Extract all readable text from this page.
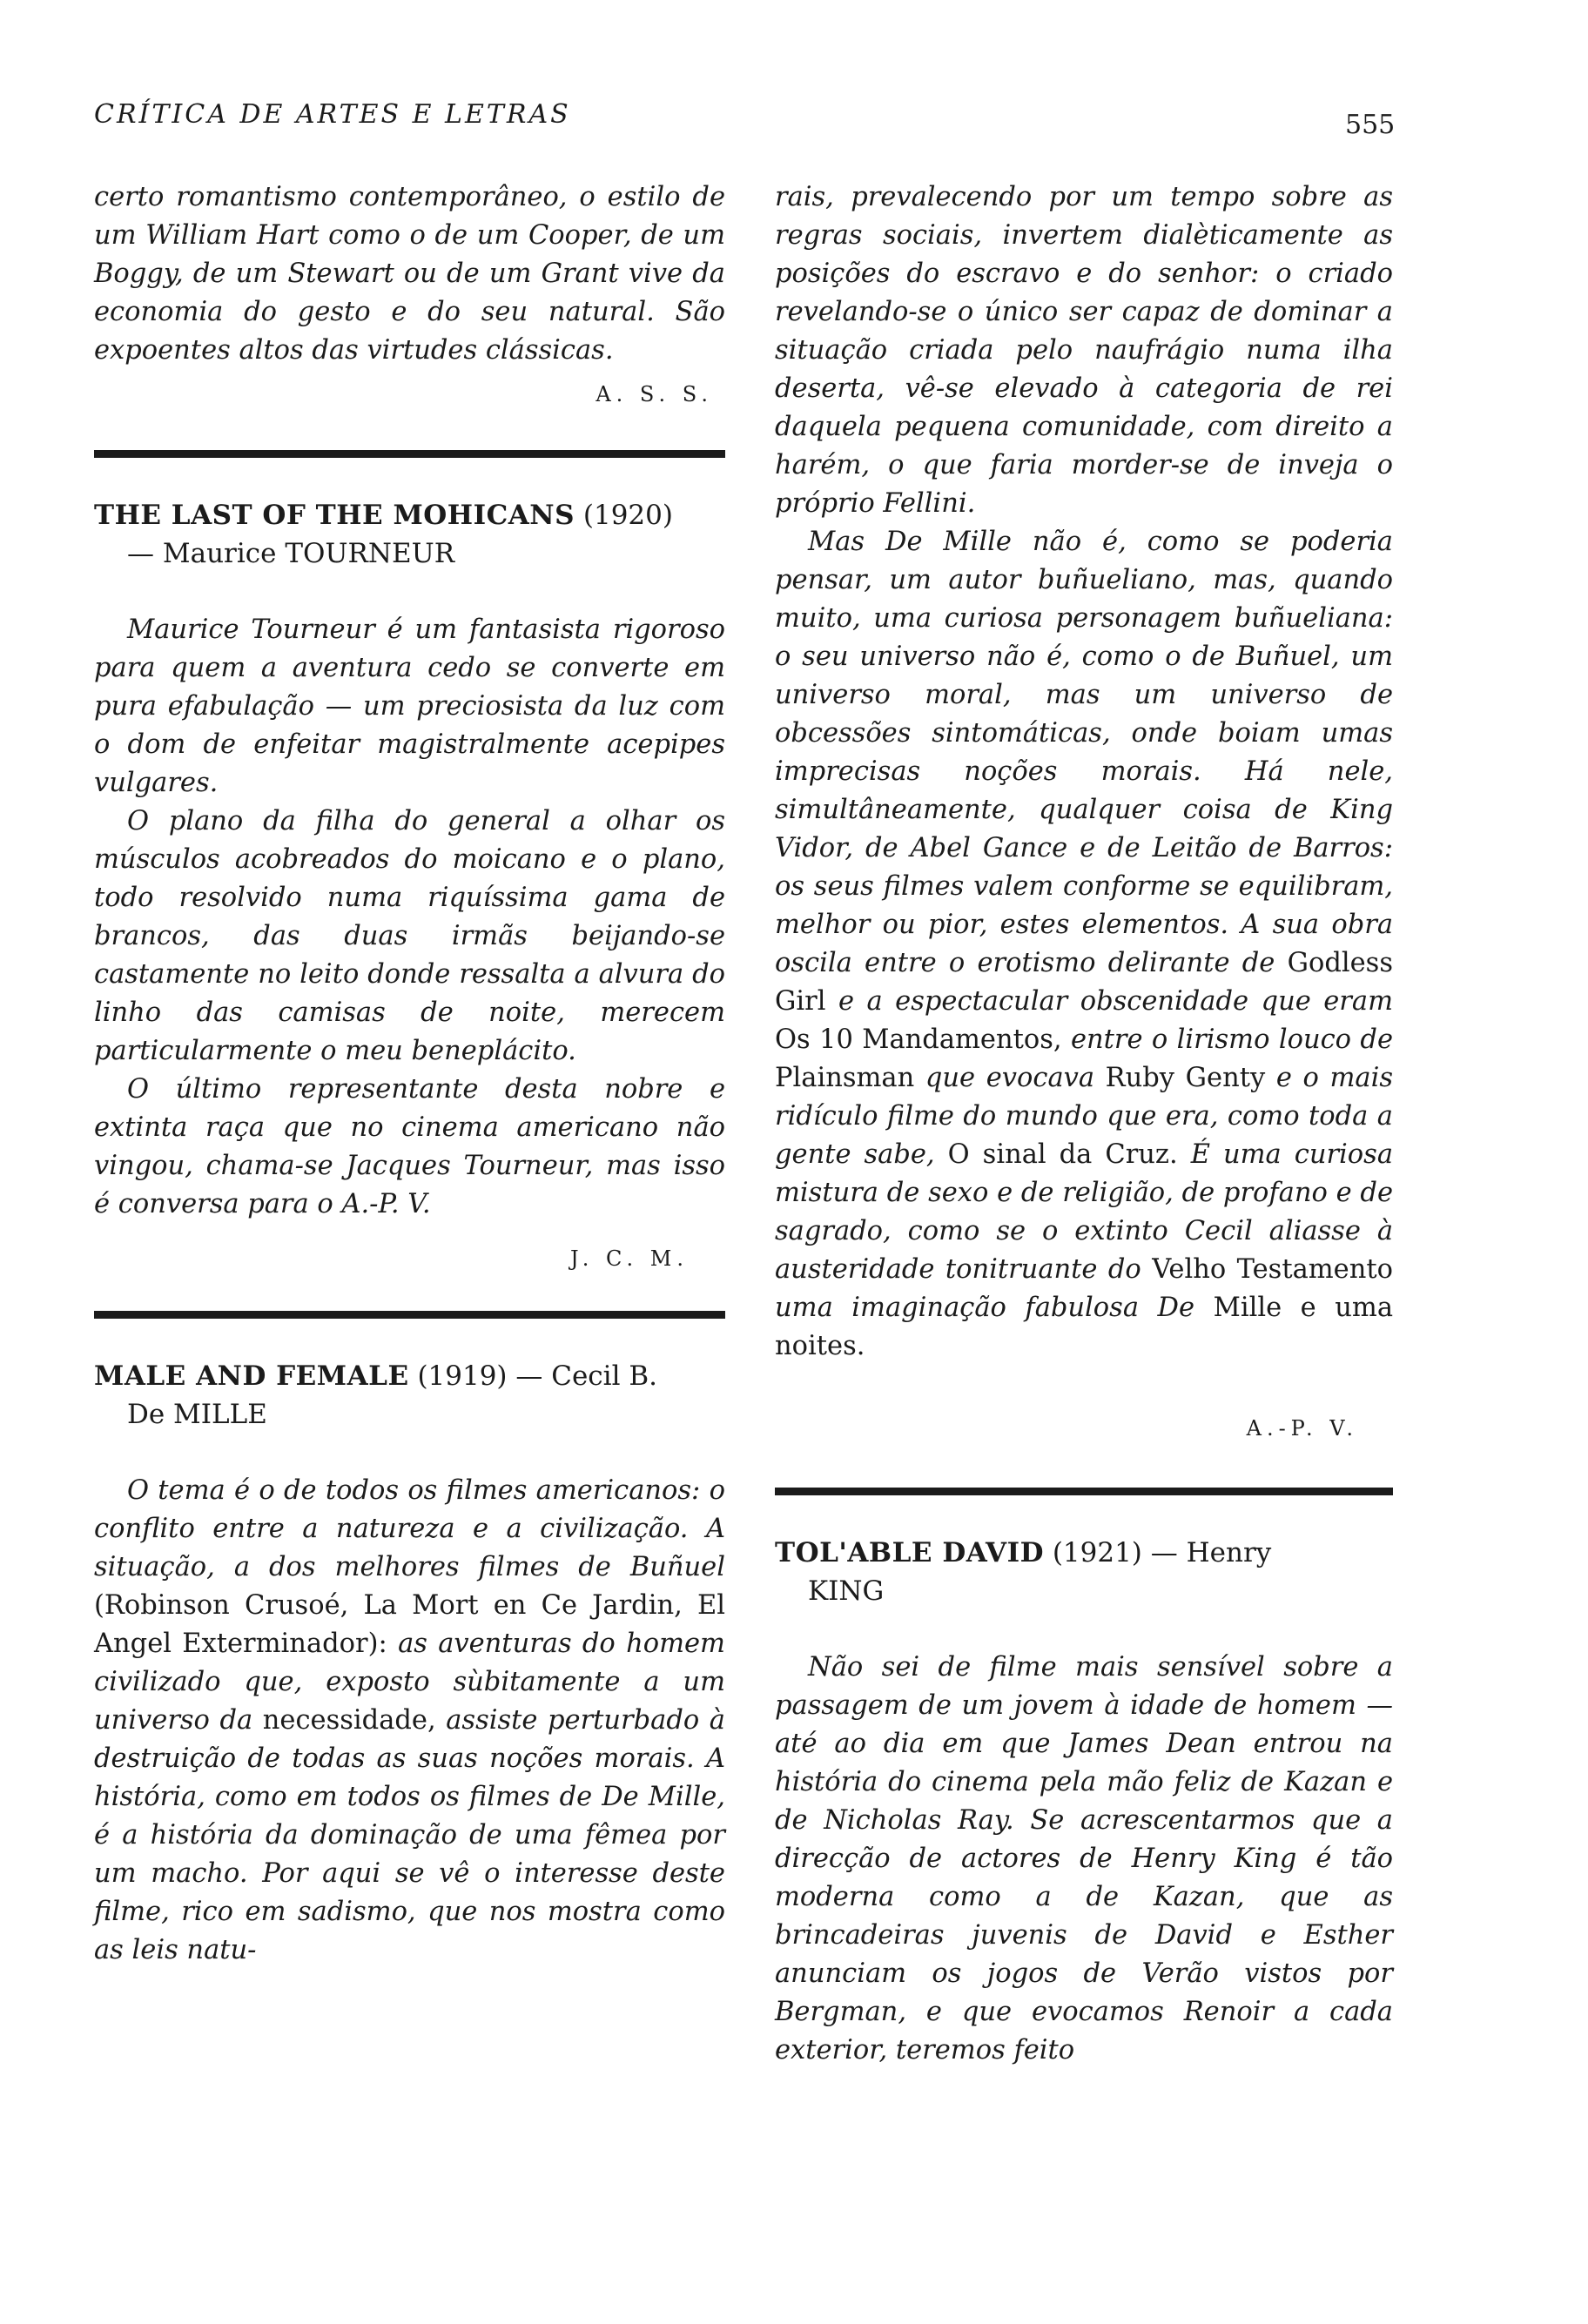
CRÍTICA DE ARTES E LETRAS	555

certo romantismo contemporâneo, o estilo de um William Hart como o de um Cooper, de um Boggy, de um Stewart ou de um Grant vive da economia do gesto e do seu natural. São expoentes altos das virtudes clássicas.

A. S. S.

THE LAST OF THE MOHICANS (1920)
— Maurice TOURNEUR

Maurice Tourneur é um fantasista rigoroso para quem a aventura cedo se converte em pura efabulação — um preciosista da luz com o dom de enfeitar magistralmente acepipes vulgares.

O plano da filha do general a olhar os músculos acobreados do moicano e o plano, todo resolvido numa riquíssima gama de brancos, das duas irmãs beijando-se castamente no leito donde ressalta a alvura do linho das camisas de noite, merecem particularmente o meu beneplácito.

O último representante desta nobre e extinta raça que no cinema americano não vingou, chama-se Jacques Tourneur, mas isso é conversa para o A.-P. V.

J. C. M.

MALE AND FEMALE (1919) — Cecil B.
De MILLE

O tema é o de todos os filmes americanos: o conflito entre a natureza e a civilização. A situação, a dos melhores filmes de Buñuel (Robinson Crusoé, La Mort en Ce Jardin, El Angel Exterminador): as aventuras do homem civilizado que, exposto sùbitamente a um universo da necessidade, assiste perturbado à destruição de todas as suas noções morais. A história, como em todos os filmes de De Mille, é a história da dominação de uma fêmea por um macho. Por aqui se vê o interesse deste filme, rico em sadismo, que nos mostra como as leis natu-

rais, prevalecendo por um tempo sobre as regras sociais, invertem dialèticamente as posições do escravo e do senhor: o criado revelando-se o único ser capaz de dominar a situação criada pelo naufrágio numa ilha deserta, vê-se elevado à categoria de rei daquela pequena comunidade, com direito a harém, o que faria morder-se de inveja o próprio Fellini.

Mas De Mille não é, como se poderia pensar, um autor buñueliano, mas, quando muito, uma curiosa personagem buñueliana: o seu universo não é, como o de Buñuel, um universo moral, mas um universo de obcessões sintomáticas, onde boiam umas imprecisas noções morais. Há nele, simultâneamente, qualquer coisa de King Vidor, de Abel Gance e de Leitão de Barros: os seus filmes valem conforme se equilibram, melhor ou pior, estes elementos. A sua obra oscila entre o erotismo delirante de Godless Girl e a espectacular obscenidade que eram Os 10 Mandamentos, entre o lirismo louco de Plainsman que evocava Ruby Genty e o mais ridículo filme do mundo que era, como toda a gente sabe, O sinal da Cruz. É uma curiosa mistura de sexo e de religião, de profano e de sagrado, como se o extinto Cecil aliasse à austeridade tonitruante do Velho Testamento uma imaginação fabulosa De Mille e uma noites.

A.-P. V.

TOL'ABLE DAVID (1921) — Henry
KING

Não sei de filme mais sensível sobre a passagem de um jovem à idade de homem — até ao dia em que James Dean entrou na história do cinema pela mão feliz de Kazan e de Nicholas Ray. Se acrescentarmos que a direcção de actores de Henry King é tão moderna como a de Kazan, que as brincadeiras juvenis de David e Esther anunciam os jogos de Verão vistos por Bergman, e que evocamos Renoir a cada exterior, teremos feito
